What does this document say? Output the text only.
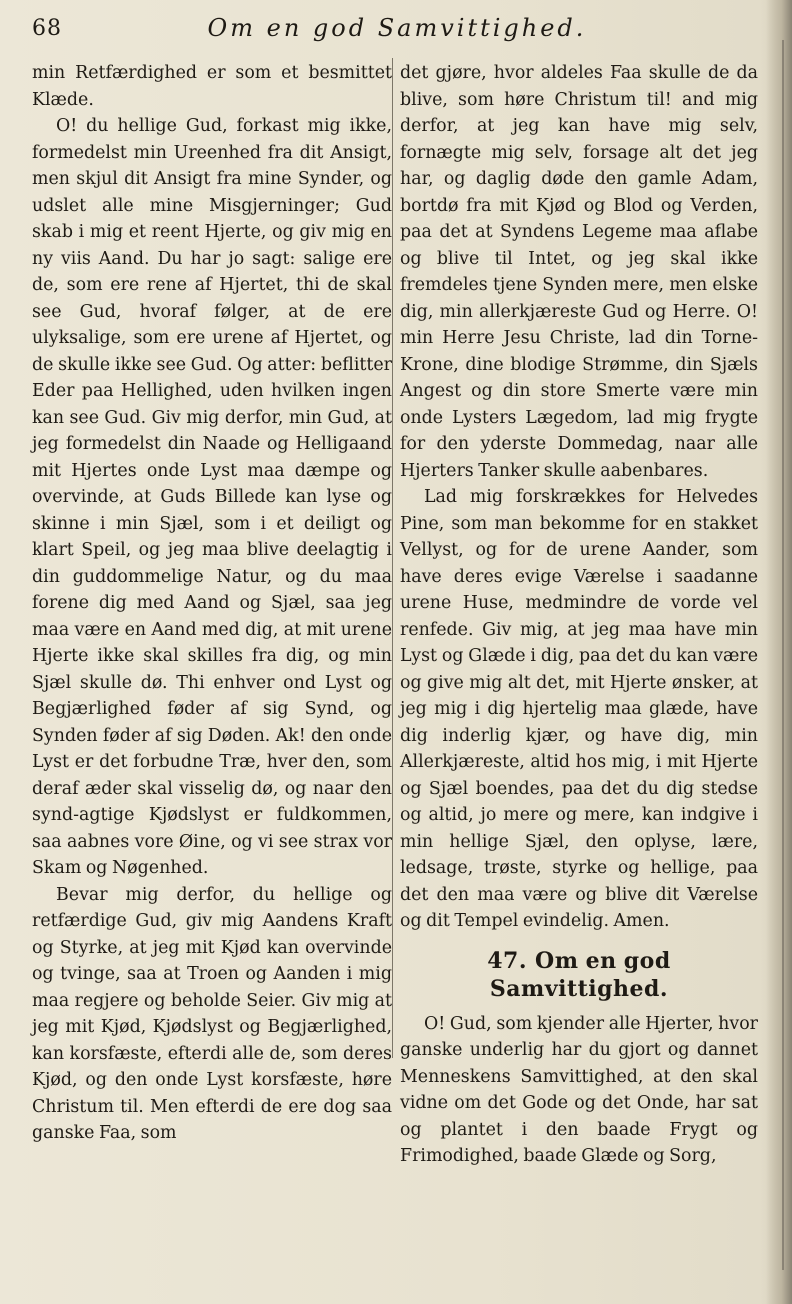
68	Om en god Samvittighed.

min Retfærdighed er som et besmittet Klæde.

O! du hellige Gud, forkast mig ikke, formedelst min Ureenhed fra dit Ansigt, men skjul dit Ansigt fra mine Synder, og udslet alle mine Misgjerninger; Gud skab i mig et reent Hjerte, og giv mig en ny viis Aand. Du har jo sagt: salige ere de, som ere rene af Hjertet, thi de skal see Gud, hvoraf følger, at de ere ulyksalige, som ere urene af Hjertet, og de skulle ikke see Gud. Og atter: beflitter Eder paa Hellighed, uden hvilken ingen kan see Gud. Giv mig derfor, min Gud, at jeg formedelst din Naade og Helligaand mit Hjertes onde Lyst maa dæmpe og overvinde, at Guds Billede kan lyse og skinne i min Sjæl, som i et deiligt og klart Speil, og jeg maa blive deelagtig i din guddommelige Natur, og du maa forene dig med Aand og Sjæl, saa jeg maa være en Aand med dig, at mit urene Hjerte ikke skal skilles fra dig, og min Sjæl skulle dø. Thi enhver ond Lyst og Begjærlighed føder af sig Synd, og Synden føder af sig Døden. Ak! den onde Lyst er det forbudne Træ, hver den, som deraf æder skal visselig dø, og naar den synd-agtige Kjødslyst er fuldkommen, saa aabnes vore Øine, og vi see strax vor Skam og Nøgenhed.

Bevar mig derfor, du hellige og retfærdige Gud, giv mig Aandens Kraft og Styrke, at jeg mit Kjød kan overvinde og tvinge, saa at Troen og Aanden i mig maa regjere og beholde Seier. Giv mig at jeg mit Kjød, Kjødslyst og Begjærlighed, kan korsfæste, efterdi alle de, som deres Kjød, og den onde Lyst korsfæste, høre Christum til. Men efterdi de ere dog saa ganske Faa, som

det gjøre, hvor aldeles Faa skulle de da blive, som høre Christum til! and mig derfor, at jeg kan have mig selv, fornægte mig selv, forsage alt det jeg har, og daglig døde den gamle Adam, bortdø fra mit Kjød og Blod og Verden, paa det at Syndens Legeme maa aflabe og blive til Intet, og jeg skal ikke fremdeles tjene Synden mere, men elske dig, min allerkjæreste Gud og Herre. O! min Herre Jesu Christe, lad din Torne-Krone, dine blodige Strømme, din Sjæls Angest og din store Smerte være min onde Lysters Lægedom, lad mig frygte for den yderste Dommedag, naar alle Hjerters Tanker skulle aabenbares.

Lad mig forskrækkes for Helvedes Pine, som man bekomme for en stakket Vellyst, og for de urene Aander, som have deres evige Værelse i saadanne urene Huse, medmindre de vorde vel renfede. Giv mig, at jeg maa have min Lyst og Glæde i dig, paa det du kan være og give mig alt det, mit Hjerte ønsker, at jeg mig i dig hjertelig maa glæde, have dig inderlig kjær, og have dig, min Allerkjæreste, altid hos mig, i mit Hjerte og Sjæl boendes, paa det du dig stedse og altid, jo mere og mere, kan indgive i min hellige Sjæl, den oplyse, lære, ledsage, trøste, styrke og hellige, paa det den maa være og blive dit Værelse og dit Tempel evindelig. Amen.

47. Om en god Samvittighed.

O! Gud, som kjender alle Hjerter, hvor ganske underlig har du gjort og dannet Menneskens Samvittighed, at den skal vidne om det Gode og det Onde, har sat og plantet i den baade Frygt og Frimodighed, baade Glæde og Sorg,
